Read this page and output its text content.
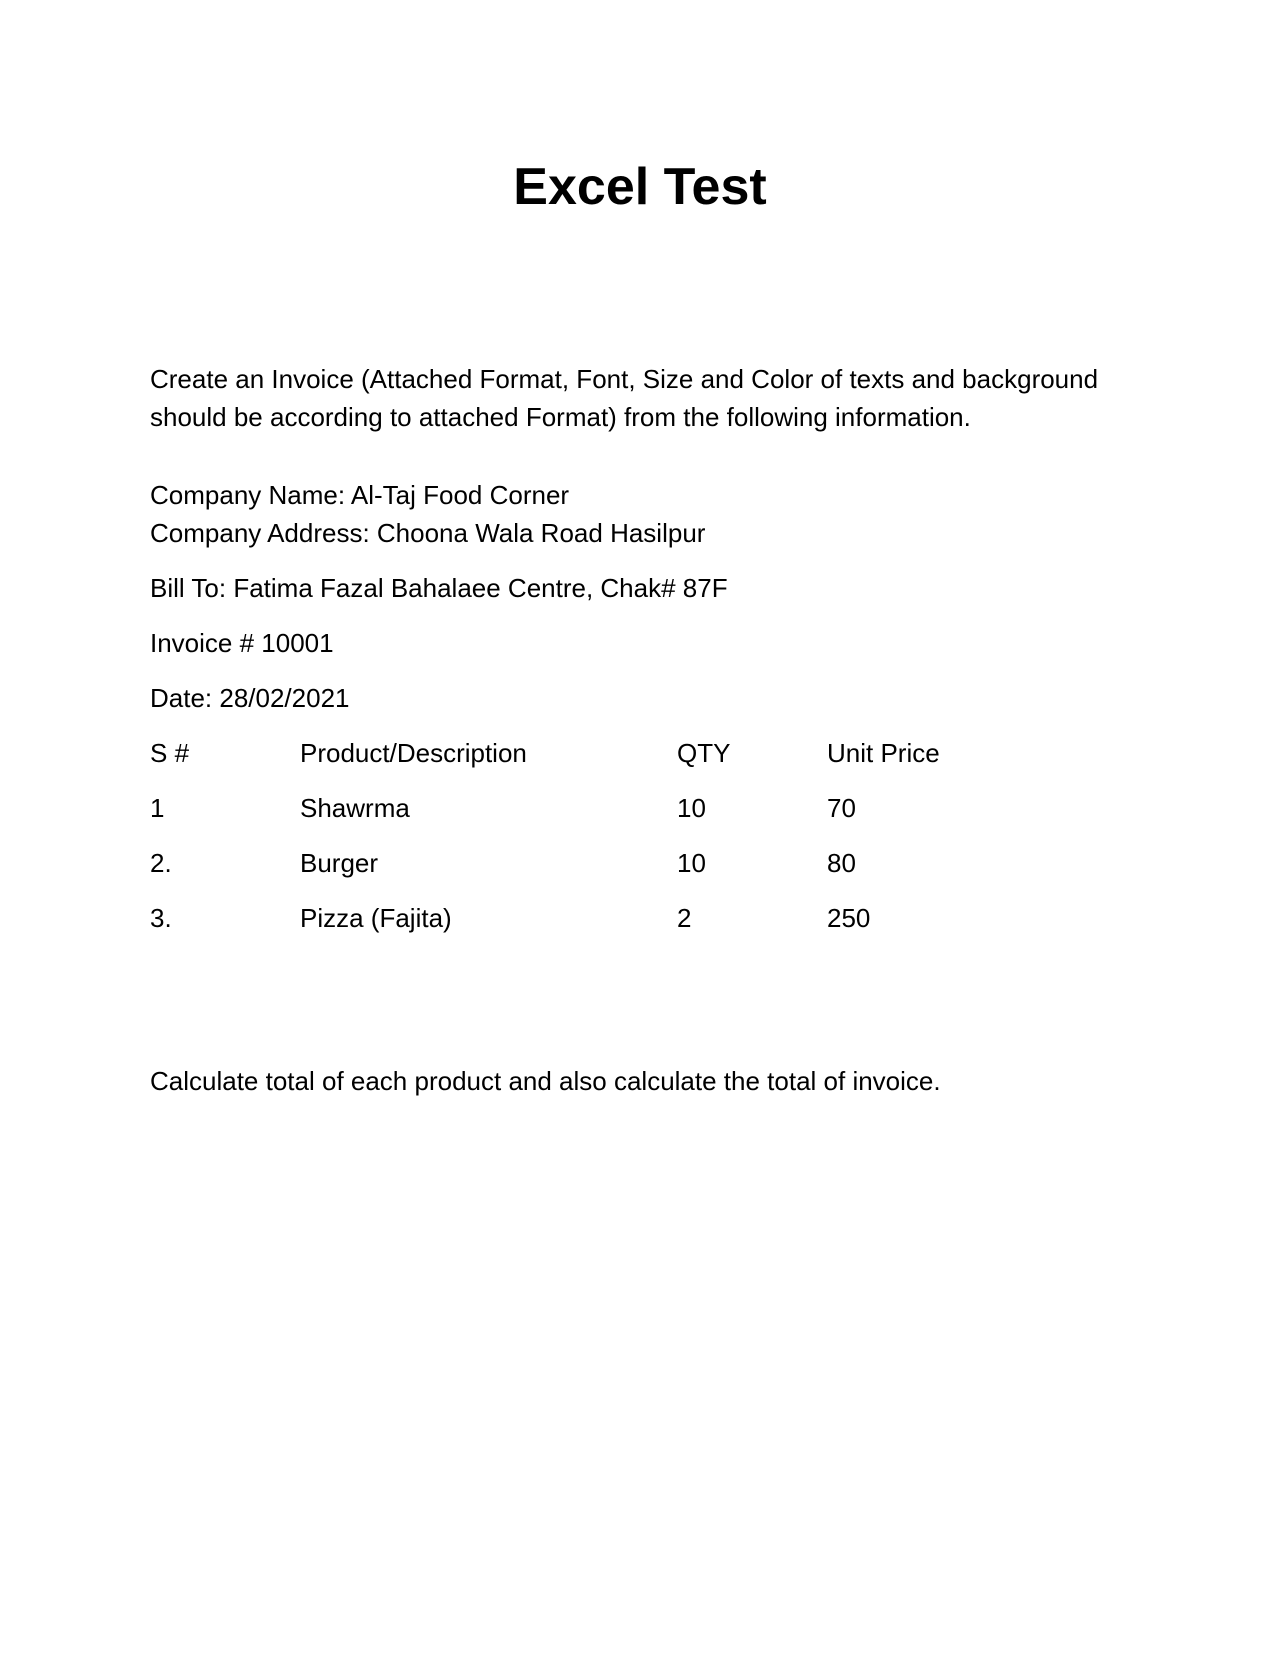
Excel Test
Create an Invoice (Attached Format, Font, Size and Color of texts and background should be according to attached Format) from the following information.
Company Name: Al-Taj Food Corner
Company Address: Choona Wala Road Hasilpur
Bill To: Fatima Fazal Bahalaee Centre, Chak# 87F
Invoice # 10001
Date: 28/02/2021
S #	Product/Description	QTY	Unit Price
1	Shawrma	10	70
2.	Burger	10	80
3.	Pizza (Fajita)	2	250
Calculate total of each product and also calculate the total of invoice.
